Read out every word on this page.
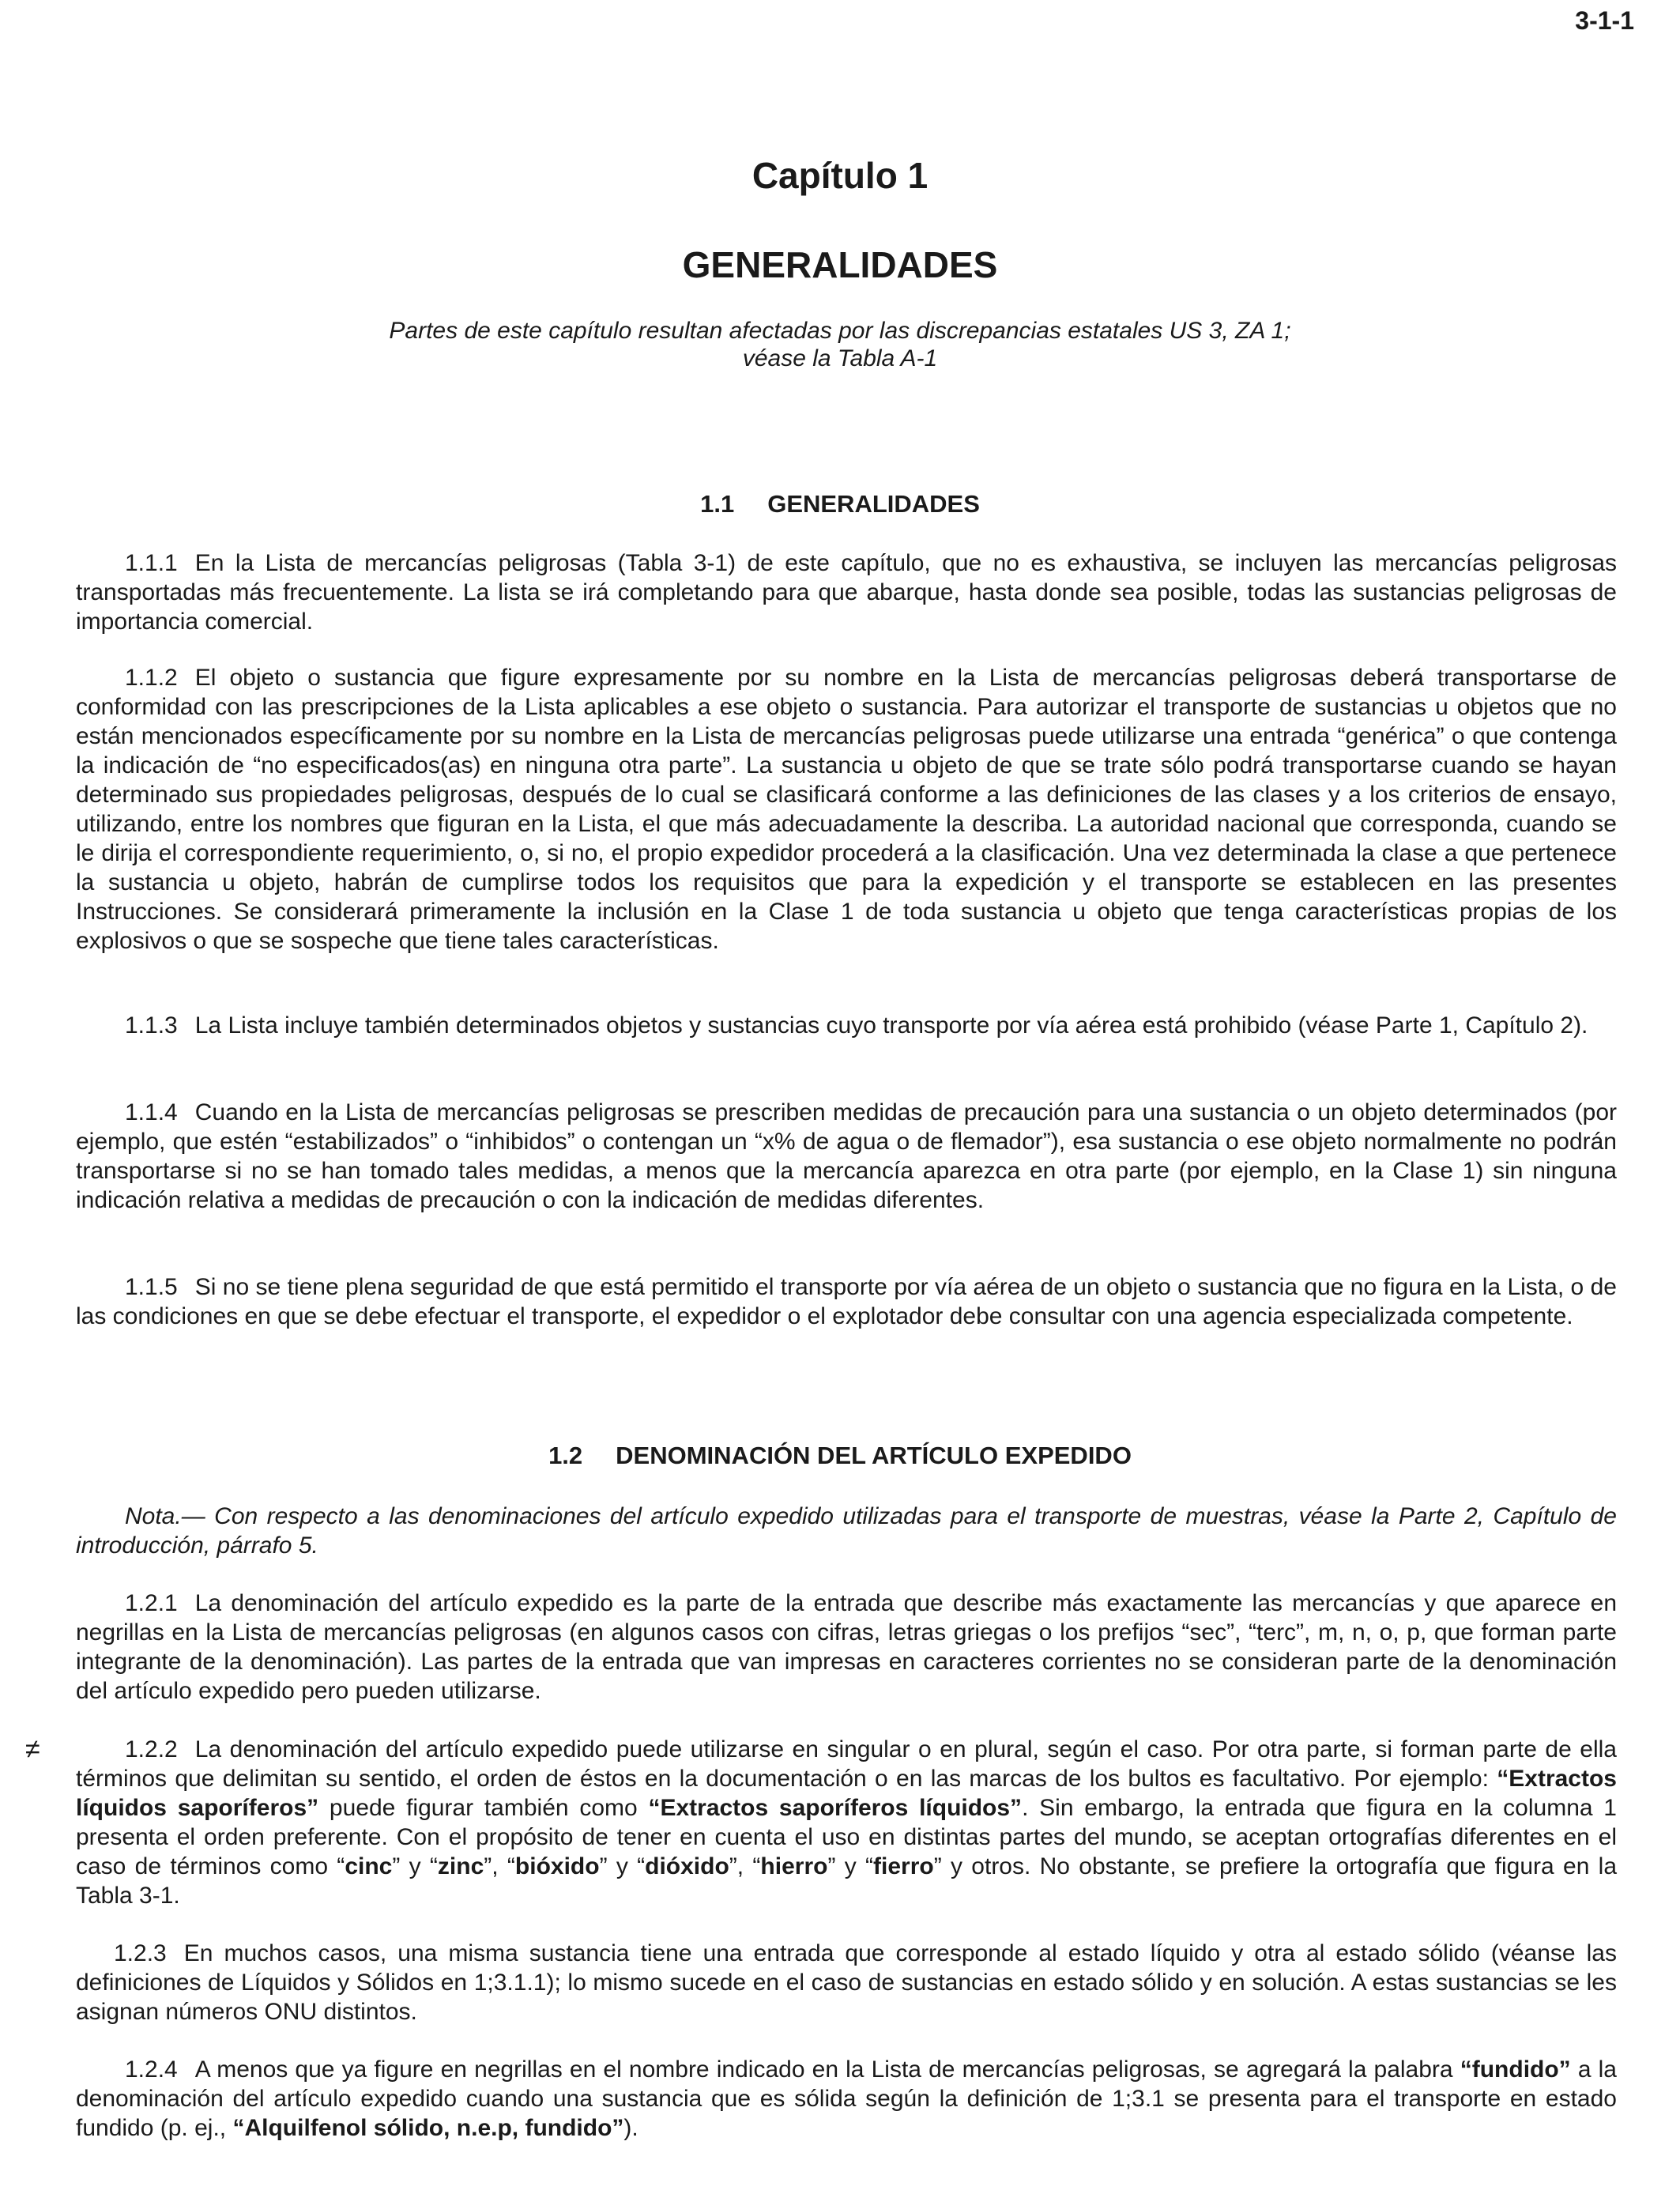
3-1-1
Capítulo 1
GENERALIDADES
Partes de este capítulo resultan afectadas por las discrepancias estatales US 3, ZA 1;
véase la Tabla A-1
1.1 GENERALIDADES

1.1.1 En la Lista de mercancías peligrosas (Tabla 3-1) de este capítulo, que no es exhaustiva, se incluyen las mercancías peligrosas transportadas más frecuentemente. La lista se irá completando para que abarque, hasta donde sea posible, todas las sustancias peligrosas de importancia comercial.

1.1.2 El objeto o sustancia que figure expresamente por su nombre en la Lista de mercancías peligrosas deberá transportarse de conformidad con las prescripciones de la Lista aplicables a ese objeto o sustancia. Para autorizar el transporte de sustancias u objetos que no están mencionados específicamente por su nombre en la Lista de mercancías peligrosas puede utilizarse una entrada “genérica” o que contenga la indicación de “no especificados(as) en ninguna otra parte”. La sustancia u objeto de que se trate sólo podrá transportarse cuando se hayan determinado sus propiedades peligrosas, después de lo cual se clasificará conforme a las definiciones de las clases y a los criterios de ensayo, utilizando, entre los nombres que figuran en la Lista, el que más adecuadamente la describa. La autoridad nacional que corresponda, cuando se le dirija el correspondiente requerimiento, o, si no, el propio expedidor procederá a la clasificación. Una vez determinada la clase a que pertenece la sustancia u objeto, habrán de cumplirse todos los requisitos que para la expedición y el transporte se establecen en las presentes Instrucciones. Se considerará primeramente la inclusión en la Clase 1 de toda sustancia u objeto que tenga características propias de los explosivos o que se sospeche que tiene tales características.

1.1.3 La Lista incluye también determinados objetos y sustancias cuyo transporte por vía aérea está prohibido (véase Parte 1, Capítulo 2).

1.1.4 Cuando en la Lista de mercancías peligrosas se prescriben medidas de precaución para una sustancia o un objeto determinados (por ejemplo, que estén “estabilizados” o “inhibidos” o contengan un “x% de agua o de flemador”), esa sustancia o ese objeto normalmente no podrán transportarse si no se han tomado tales medidas, a menos que la mercancía aparezca en otra parte (por ejemplo, en la Clase 1) sin ninguna indicación relativa a medidas de precaución o con la indicación de medidas diferentes.

1.1.5 Si no se tiene plena seguridad de que está permitido el transporte por vía aérea de un objeto o sustancia que no figura en la Lista, o de las condiciones en que se debe efectuar el transporte, el expedidor o el explotador debe consultar con una agencia especializada competente.

1.2 DENOMINACIÓN DEL ARTÍCULO EXPEDIDO

Nota.— Con respecto a las denominaciones del artículo expedido utilizadas para el transporte de muestras, véase la Parte 2, Capítulo de introducción, párrafo 5.

1.2.1 La denominación del artículo expedido es la parte de la entrada que describe más exactamente las mercancías y que aparece en negrillas en la Lista de mercancías peligrosas (en algunos casos con cifras, letras griegas o los prefijos “sec”, “terc”, m, n, o, p, que forman parte integrante de la denominación). Las partes de la entrada que van impresas en caracteres corrientes no se consideran parte de la denominación del artículo expedido pero pueden utilizarse.

≠	1.2.2 La denominación del artículo expedido puede utilizarse en singular o en plural, según el caso. Por otra parte, si forman parte de ella términos que delimitan su sentido, el orden de éstos en la documentación o en las marcas de los bultos es facultativo. Por ejemplo: “Extractos líquidos saporíferos” puede figurar también como “Extractos saporíferos líquidos”. Sin embargo, la entrada que figura en la columna 1 presenta el orden preferente. Con el propósito de tener en cuenta el uso en distintas partes del mundo, se aceptan ortografías diferentes en el caso de términos como “cinc” y “zinc”, “bióxido” y “dióxido”, “hierro” y “fierro” y otros. No obstante, se prefiere la ortografía que figura en la Tabla 3-1.

1.2.3 En muchos casos, una misma sustancia tiene una entrada que corresponde al estado líquido y otra al estado sólido (véanse las definiciones de Líquidos y Sólidos en 1;3.1.1); lo mismo sucede en el caso de sustancias en estado sólido y en solución. A estas sustancias se les asignan números ONU distintos.

1.2.4 A menos que ya figure en negrillas en el nombre indicado en la Lista de mercancías peligrosas, se agregará la palabra “fundido” a la denominación del artículo expedido cuando una sustancia que es sólida según la definición de 1;3.1 se presenta para el transporte en estado fundido (p. ej., “Alquilfenol sólido, n.e.p, fundido”).
